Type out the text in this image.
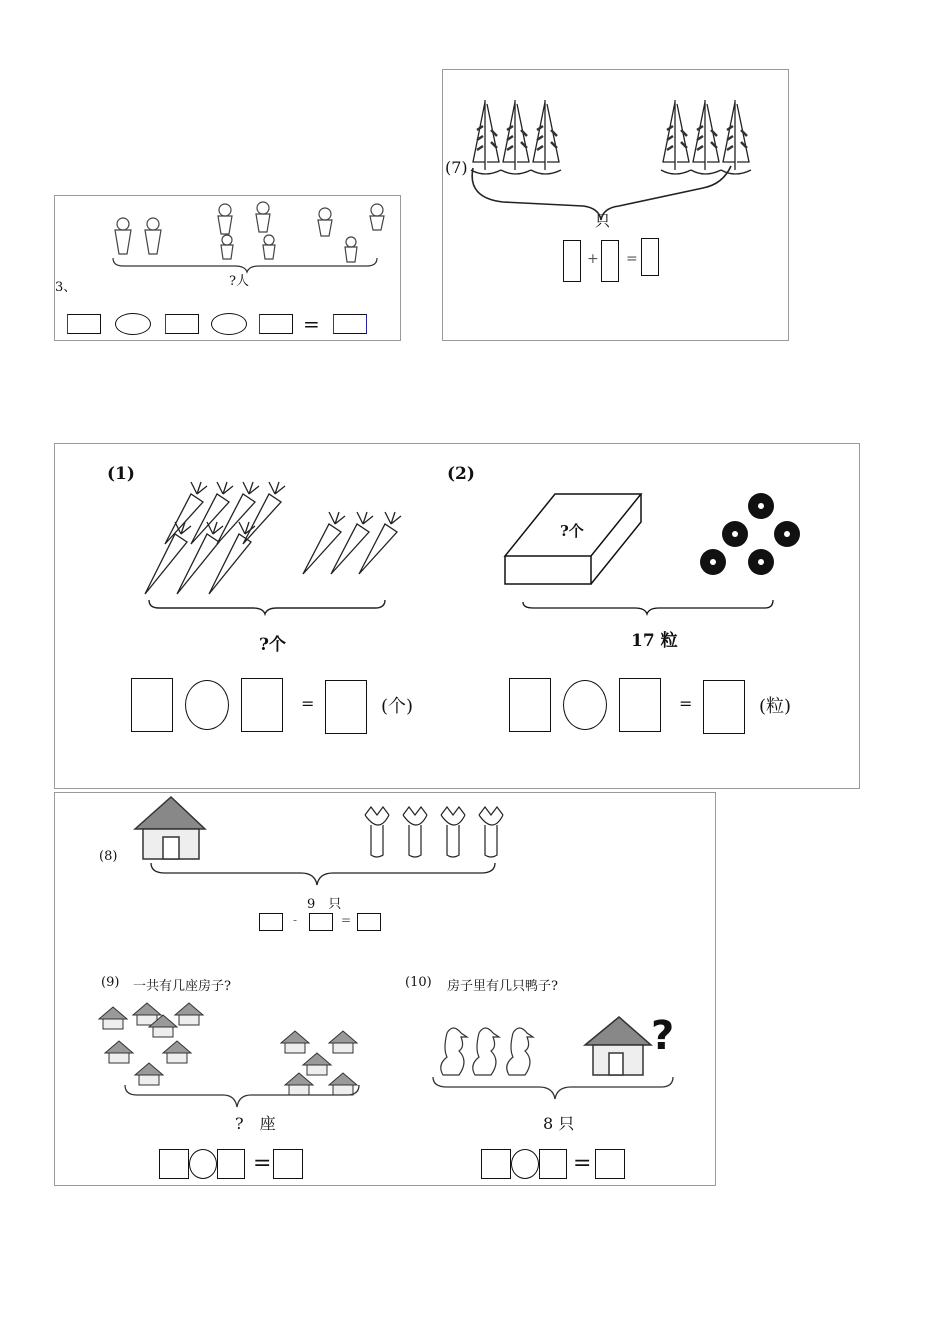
?人
3、
=
(7)
只
+ =
(1)
?个
=	(个)
(2)
?个
17 粒
=	(粒)
(8)
9　只
-	=
(9) 一共有几座房子?
?　座
=
(10) 房子里有几只鸭子?
?
8 只
=
